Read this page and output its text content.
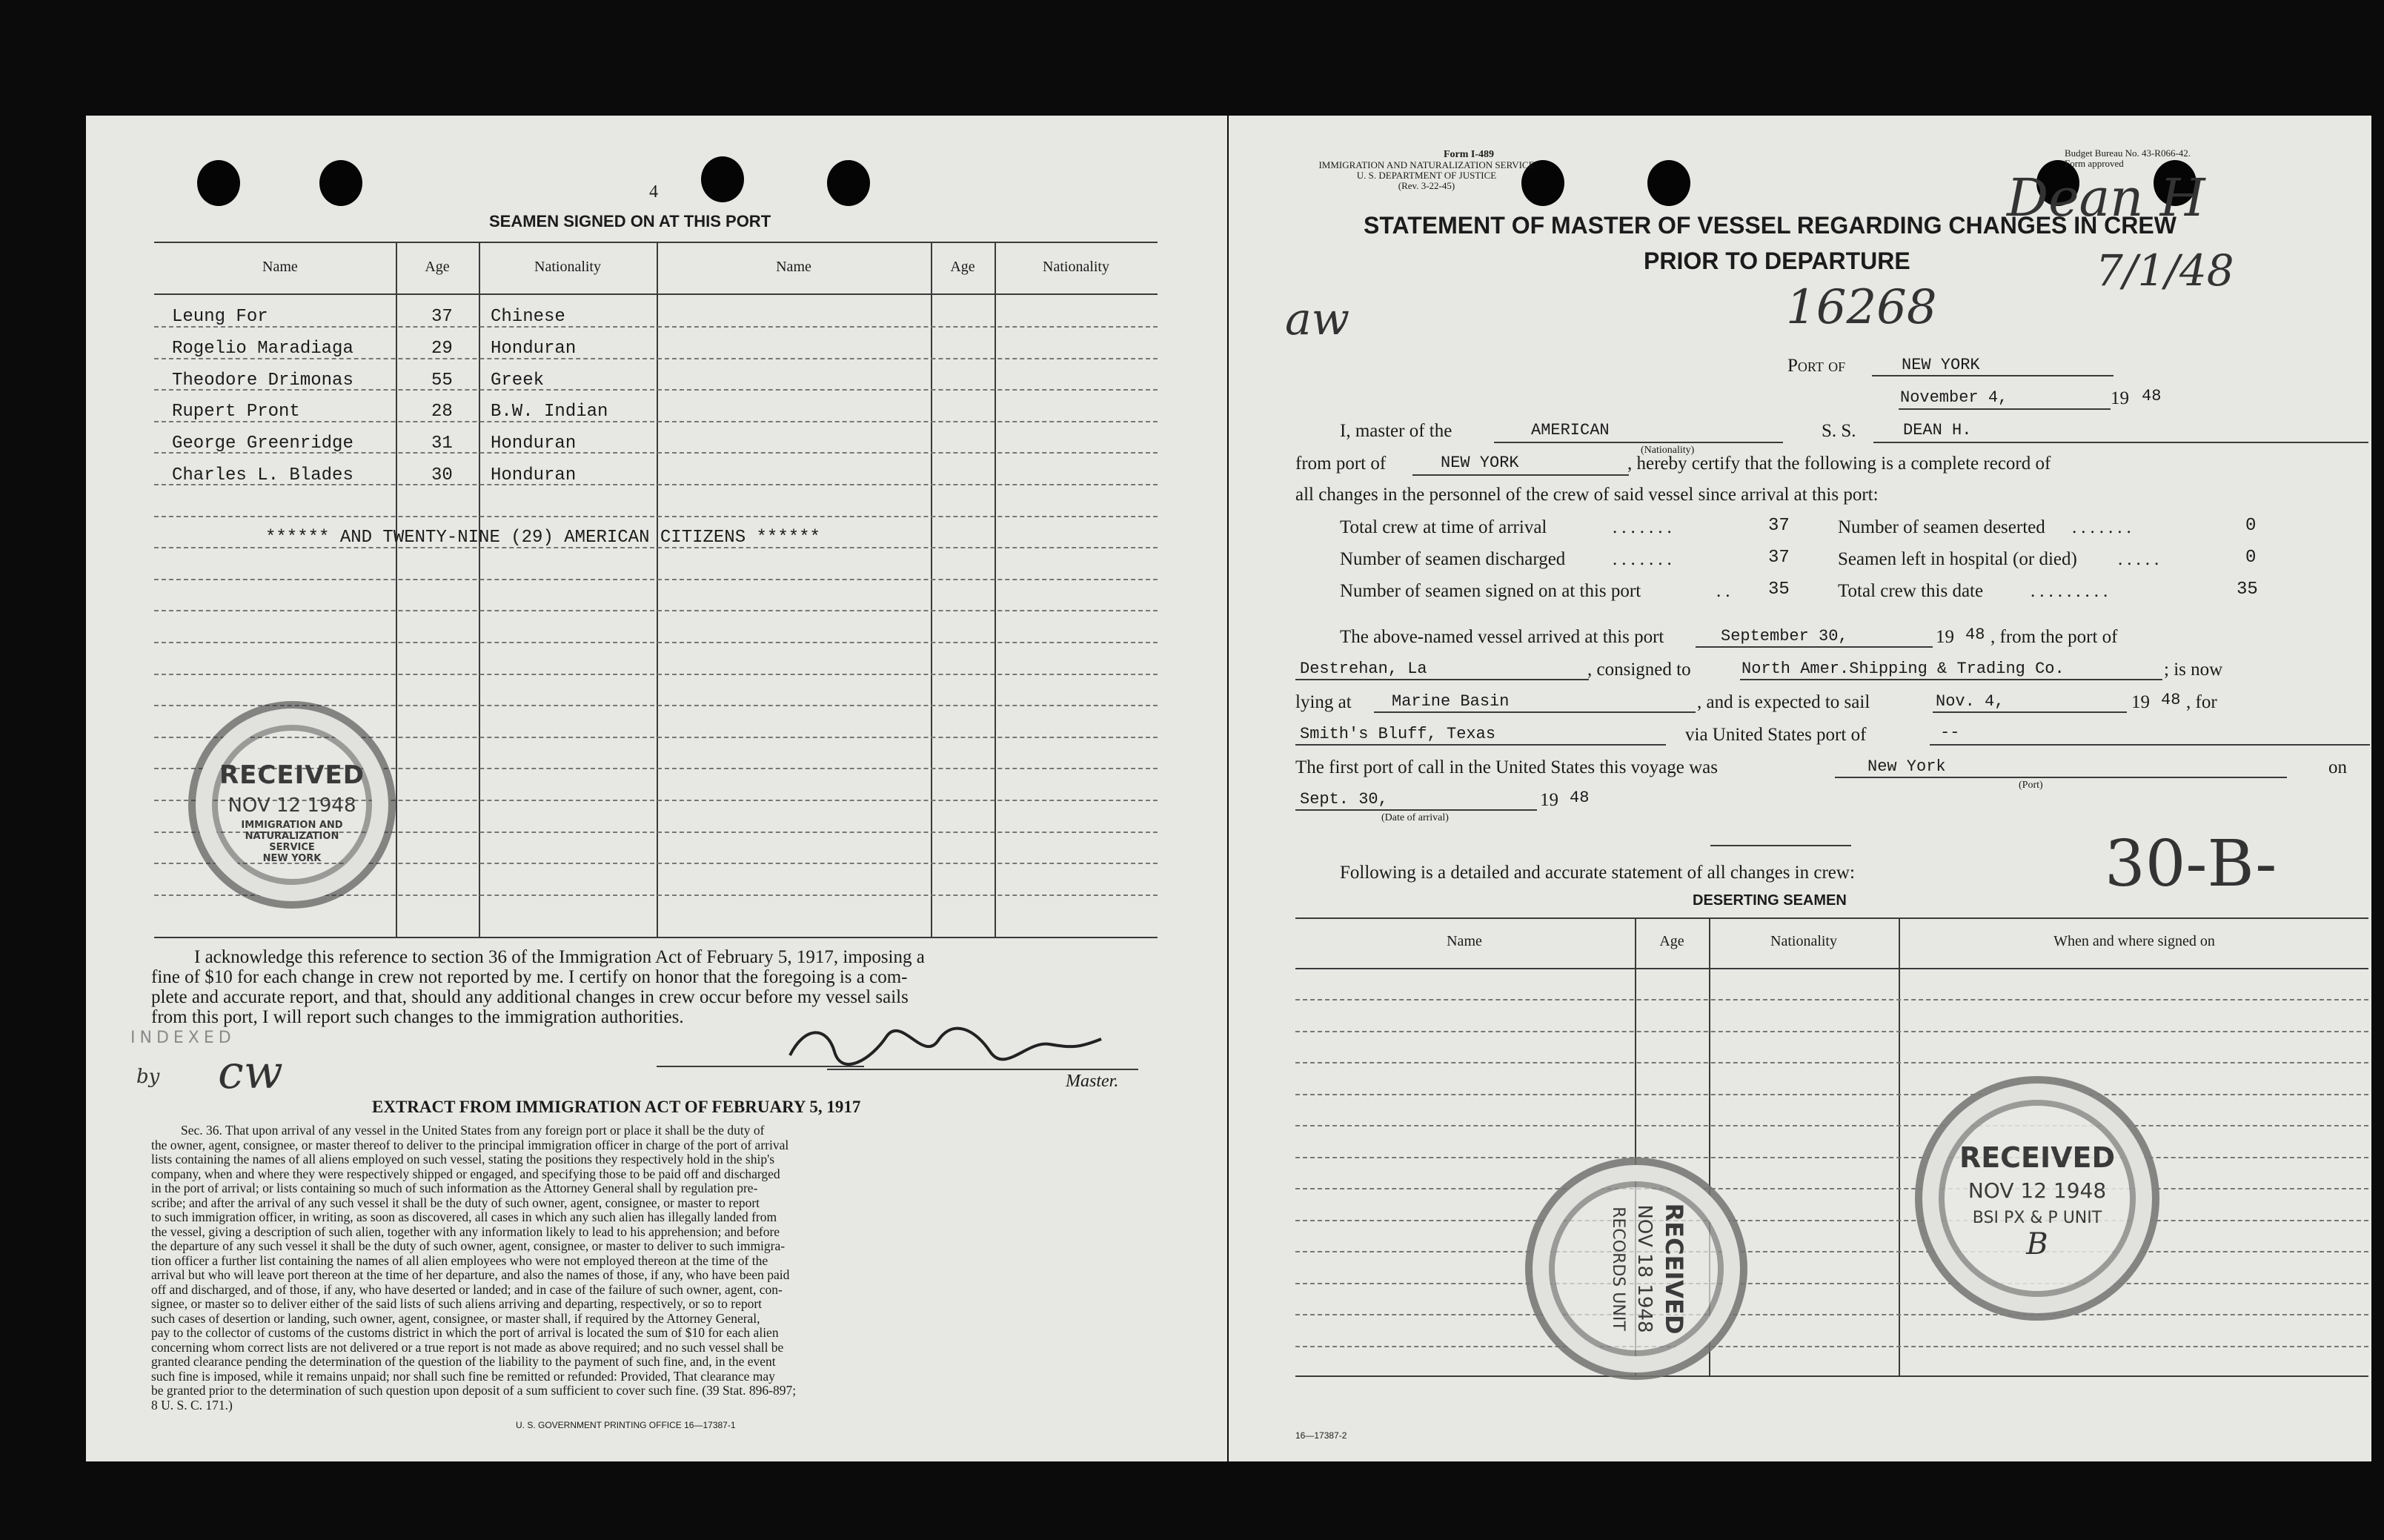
4
SEAMEN SIGNED ON AT THIS PORT
Name	Age	Nationality	Name	Age	Nationality
Leung For	37 Chinese
Rogelio Maradiaga	29 Honduran
Theodore Drimonas	55 Greek
Rupert Pront	28 B.W. Indian
George Greenridge	31 Honduran
Charles L. Blades	30 Honduran
****** AND TWENTY-NINE (29) AMERICAN CITIZENS ******
RECEIVED
NOV 12 1948
IMMIGRATION AND
NATURALIZATION
SERVICE
NEW YORK
I acknowledge this reference to section 36 of the Immigration Act of February 5, 1917, imposing a
fine of $10 for each change in crew not reported by me. I certify on honor that the foregoing is a com-
plete and accurate report, and that, should any additional changes in crew occur before my vessel sails
from this port, I will report such changes to the immigration authorities.
INDEXED
by cw	Master.
EXTRACT FROM IMMIGRATION ACT OF FEBRUARY 5, 1917
Sec. 36. That upon arrival of any vessel in the United States from any foreign port or place it shall be the duty of
the owner, agent, consignee, or master thereof to deliver to the principal immigration officer in charge of the port of arrival
lists containing the names of all aliens employed on such vessel, stating the positions they respectively hold in the ship's
company, when and where they were respectively shipped or engaged, and specifying those to be paid off and discharged
in the port of arrival; or lists containing so much of such information as the Attorney General shall by regulation pre-
scribe; and after the arrival of any such vessel it shall be the duty of such owner, agent, consignee, or master to report
to such immigration officer, in writing, as soon as discovered, all cases in which any such alien has illegally landed from
the vessel, giving a description of such alien, together with any information likely to lead to his apprehension; and before
the departure of any such vessel it shall be the duty of such owner, agent, consignee, or master to deliver to such immigra-
tion officer a further list containing the names of all alien employees who were not employed thereon at the time of the
arrival but who will leave port thereon at the time of her departure, and also the names of those, if any, who have been paid
off and discharged, and of those, if any, who have deserted or landed; and in case of the failure of such owner, agent, con-
signee, or master so to deliver either of the said lists of such aliens arriving and departing, respectively, or so to report
such cases of desertion or landing, such owner, agent, consignee, or master shall, if required by the Attorney General,
pay to the collector of customs of the customs district in which the port of arrival is located the sum of $10 for each alien
concerning whom correct lists are not delivered or a true report is not made as above required; and no such vessel shall be
granted clearance pending the determination of the question of the liability to the payment of such fine, and, in the event
such fine is imposed, while it remains unpaid; nor shall such fine be remitted or refunded: Provided, That clearance may
be granted prior to the determination of such question upon deposit of a sum sufficient to cover such fine. (39 Stat. 896-897;
8 U. S. C. 171.)
U. S. GOVERNMENT PRINTING OFFICE 16—17387-1
Form I-489
IMMIGRATION AND NATURALIZATION SERVICE
U. S. DEPARTMENT OF JUSTICE
(Rev. 3-22-45)
Budget Bureau No. 43-R066-42.
Form approved
Dean H
7/1/48
STATEMENT OF MASTER OF VESSEL REGARDING CHANGES IN CREW
PRIOR TO DEPARTURE
16268
aw
Port of	NEW YORK
November 4,	19 48
I, master of the	AMERICAN
(Nationality)
S. S.	DEAN H.
from port of	NEW YORK	, hereby certify that the following is a complete record of
all changes in the personnel of the crew of said vessel since arrival at this port:
Total crew at time of arrival	.......	37
Number of seamen discharged	.......	37
Number of seamen signed on at this port	.. 35
Number of seamen deserted .......	0
Seamen left in hospital (or died) .....	0
Total crew this date	.........	35
The above-named vessel arrived at this port	September 30,	19 48 , from the port of
Destrehan, La	, consigned to	North Amer.Shipping & Trading Co.	; is now
lying at Marine Basin	, and is expected to sail	Nov. 4,	19 48 , for
Smith's Bluff, Texas	via United States port of	--
The first port of call in the United States this voyage was	New York
(Port)
on
Sept. 30,	19 48
(Date of arrival)
Following is a detailed and accurate statement of all changes in crew:	30-B-
DESERTING SEAMEN
Name	Age	Nationality	When and where signed on
RECEIVED
NOV 12 1948
BSI PX & P UNIT
B
RECEIVED
NOV 18 1948
RECORDS UNIT
16—17387-2
